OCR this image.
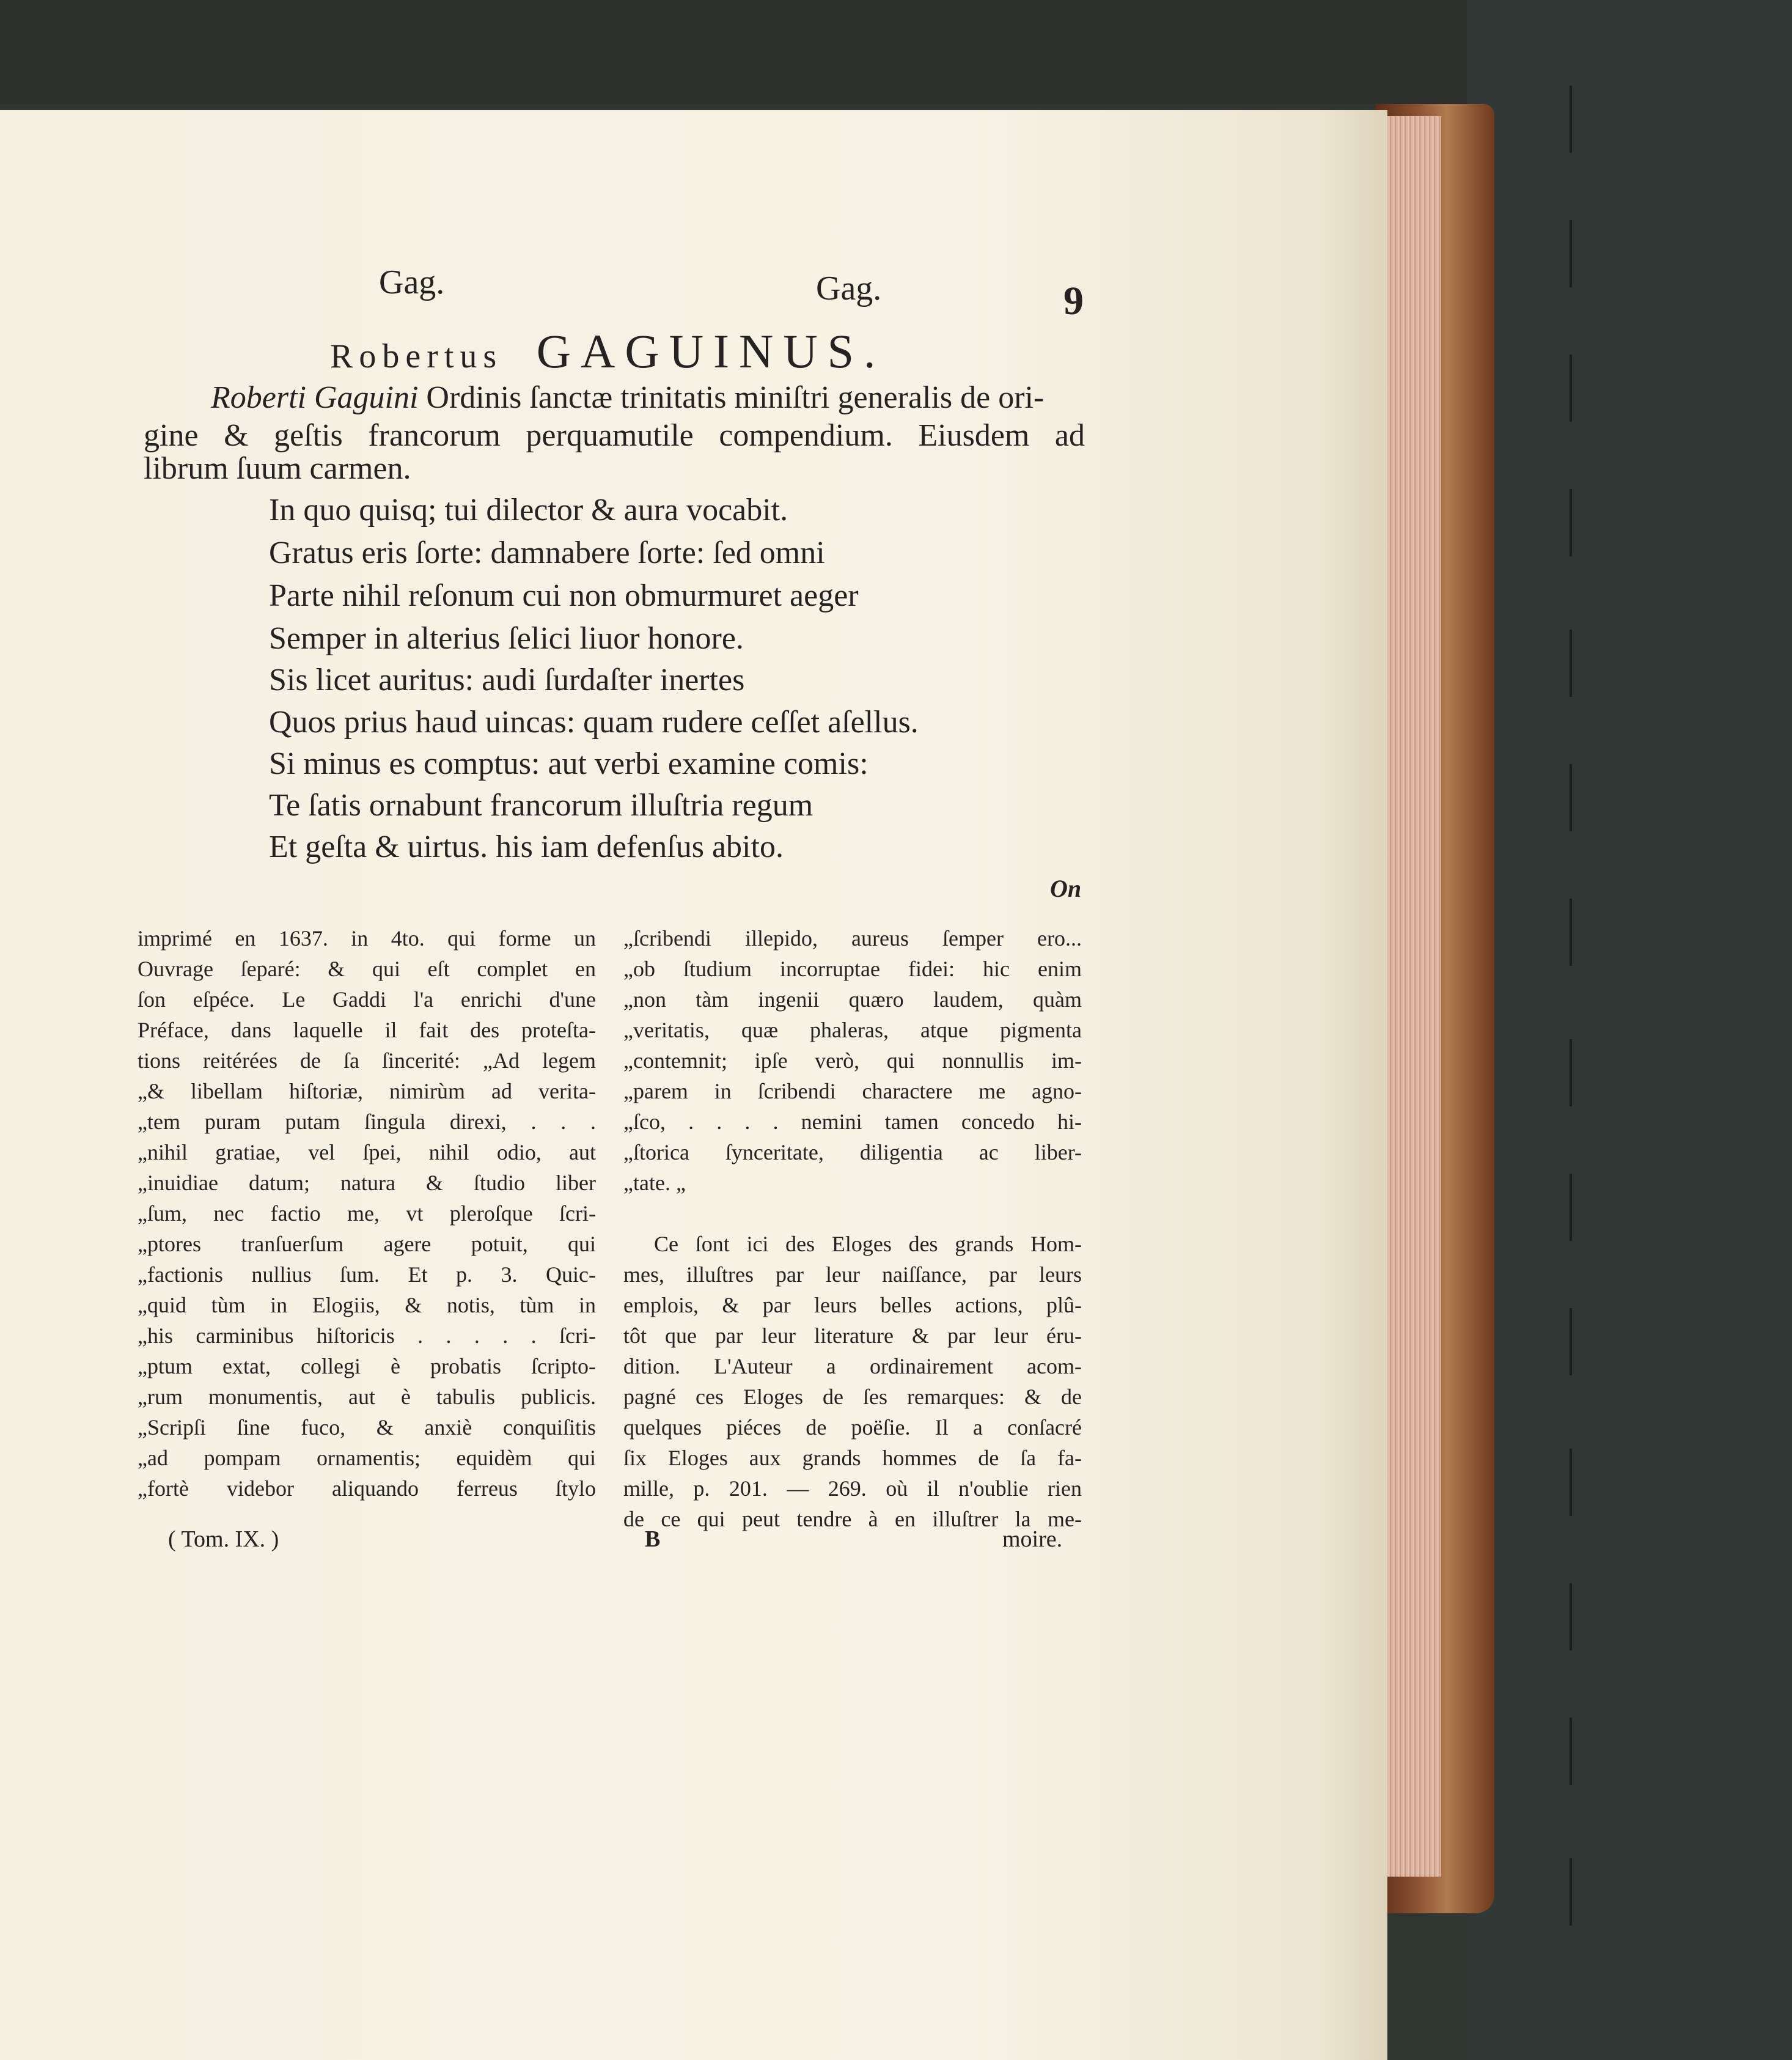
Gag.	Gag.	9
Robertus GAGUINUS.
Roberti Gaguini Ordinis ſanctæ trinitatis miniſtri generalis de ori-
gine & geſtis francorum perquamutile compendium. Eiusdem ad
librum ſuum carmen.
In quo quisq; tui dilector & aura vocabit.
Gratus eris ſorte: damnabere ſorte: ſed omni
Parte nihil reſonum cui non obmurmuret aeger
Semper in alterius ſelici liuor honore.
Sis licet auritus: audi ſurdaſter inertes
Quos prius haud uincas: quam rudere ceſſet aſellus.
Si minus es comptus: aut verbi examine comis:
Te ſatis ornabunt francorum illuſtria regum
Et geſta & uirtus. his iam defenſus abito.
On
imprimé en 1637. in 4to. qui forme un
Ouvrage ſeparé: & qui eſt complet en
ſon eſpéce. Le Gaddi l'a enrichi d'une
Préface, dans laquelle il fait des proteſta-
tions reitérées de ſa ſincerité: „Ad legem
„& libellam hiſtoriæ, nimirùm ad verita-
„tem puram putam ſingula direxi, . . .
„nihil gratiae, vel ſpei, nihil odio, aut
„inuidiae datum; natura & ſtudio liber
„ſum, nec factio me, vt pleroſque ſcri-
„ptores tranſuerſum agere potuit, qui
„factionis nullius ſum. Et p. 3. Quic-
„quid tùm in Elogiis, & notis, tùm in
„his carminibus hiſtoricis . . . . . ſcri-
„ptum extat, collegi è probatis ſcripto-
„rum monumentis, aut è tabulis publicis.
„Scripſi ſine fuco, & anxiè conquiſitis
„ad pompam ornamentis; equidèm qui
„fortè videbor aliquando ferreus ſtylo
„ſcribendi illepido, aureus ſemper ero...
„ob ſtudium incorruptae fidei: hic enim
„non tàm ingenii quæro laudem, quàm
„veritatis, quæ phaleras, atque pigmenta
„contemnit; ipſe verò, qui nonnullis im-
„parem in ſcribendi charactere me agno-
„ſco, . . . . nemini tamen concedo hi-
„ſtorica ſynceritate, diligentia ac liber-
„tate. „
Ce ſont ici des Eloges des grands Hom-
mes, illuſtres par leur naiſſance, par leurs
emplois, & par leurs belles actions, plû-
tôt que par leur literature & par leur éru-
dition. L'Auteur a ordinairement acom-
pagné ces Eloges de ſes remarques: & de
quelques piéces de poëſie. Il a conſacré
ſix Eloges aux grands hommes de ſa fa-
mille, p. 201. — 269. où il n'oublie rien
de ce qui peut tendre à en illuſtrer la me-
( Tom. IX. )	B	moire.
